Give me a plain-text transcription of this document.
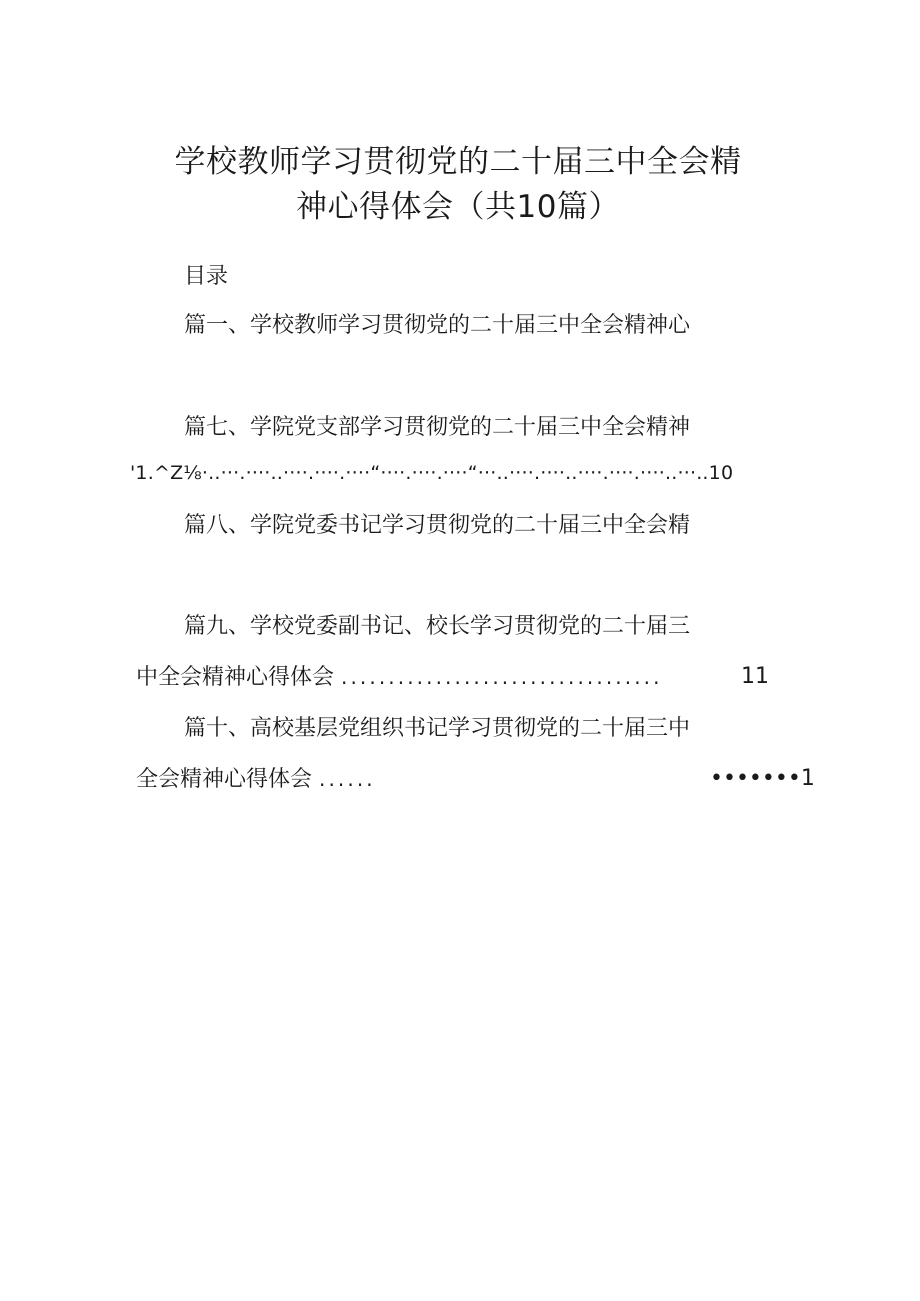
学校教师学习贯彻党的二十届三中全会精
神心得体会（共10篇）
目录
篇一、学校教师学习贯彻党的二十届三中全会精神心
篇七、学院党支部学习贯彻党的二十届三中全会精神
'1.^Z⅛·..···.····..····.····.····“····.····.····“···..····.····..····.····.····..···..10
篇八、学院党委书记学习贯彻党的二十届三中全会精
篇九、学校党委副书记、校长学习贯彻党的二十届三
中全会精神心得体会 ..................................	11
篇十、高校基层党组织书记学习贯彻党的二十届三中
全会精神心得体会 ......	•••••••1
